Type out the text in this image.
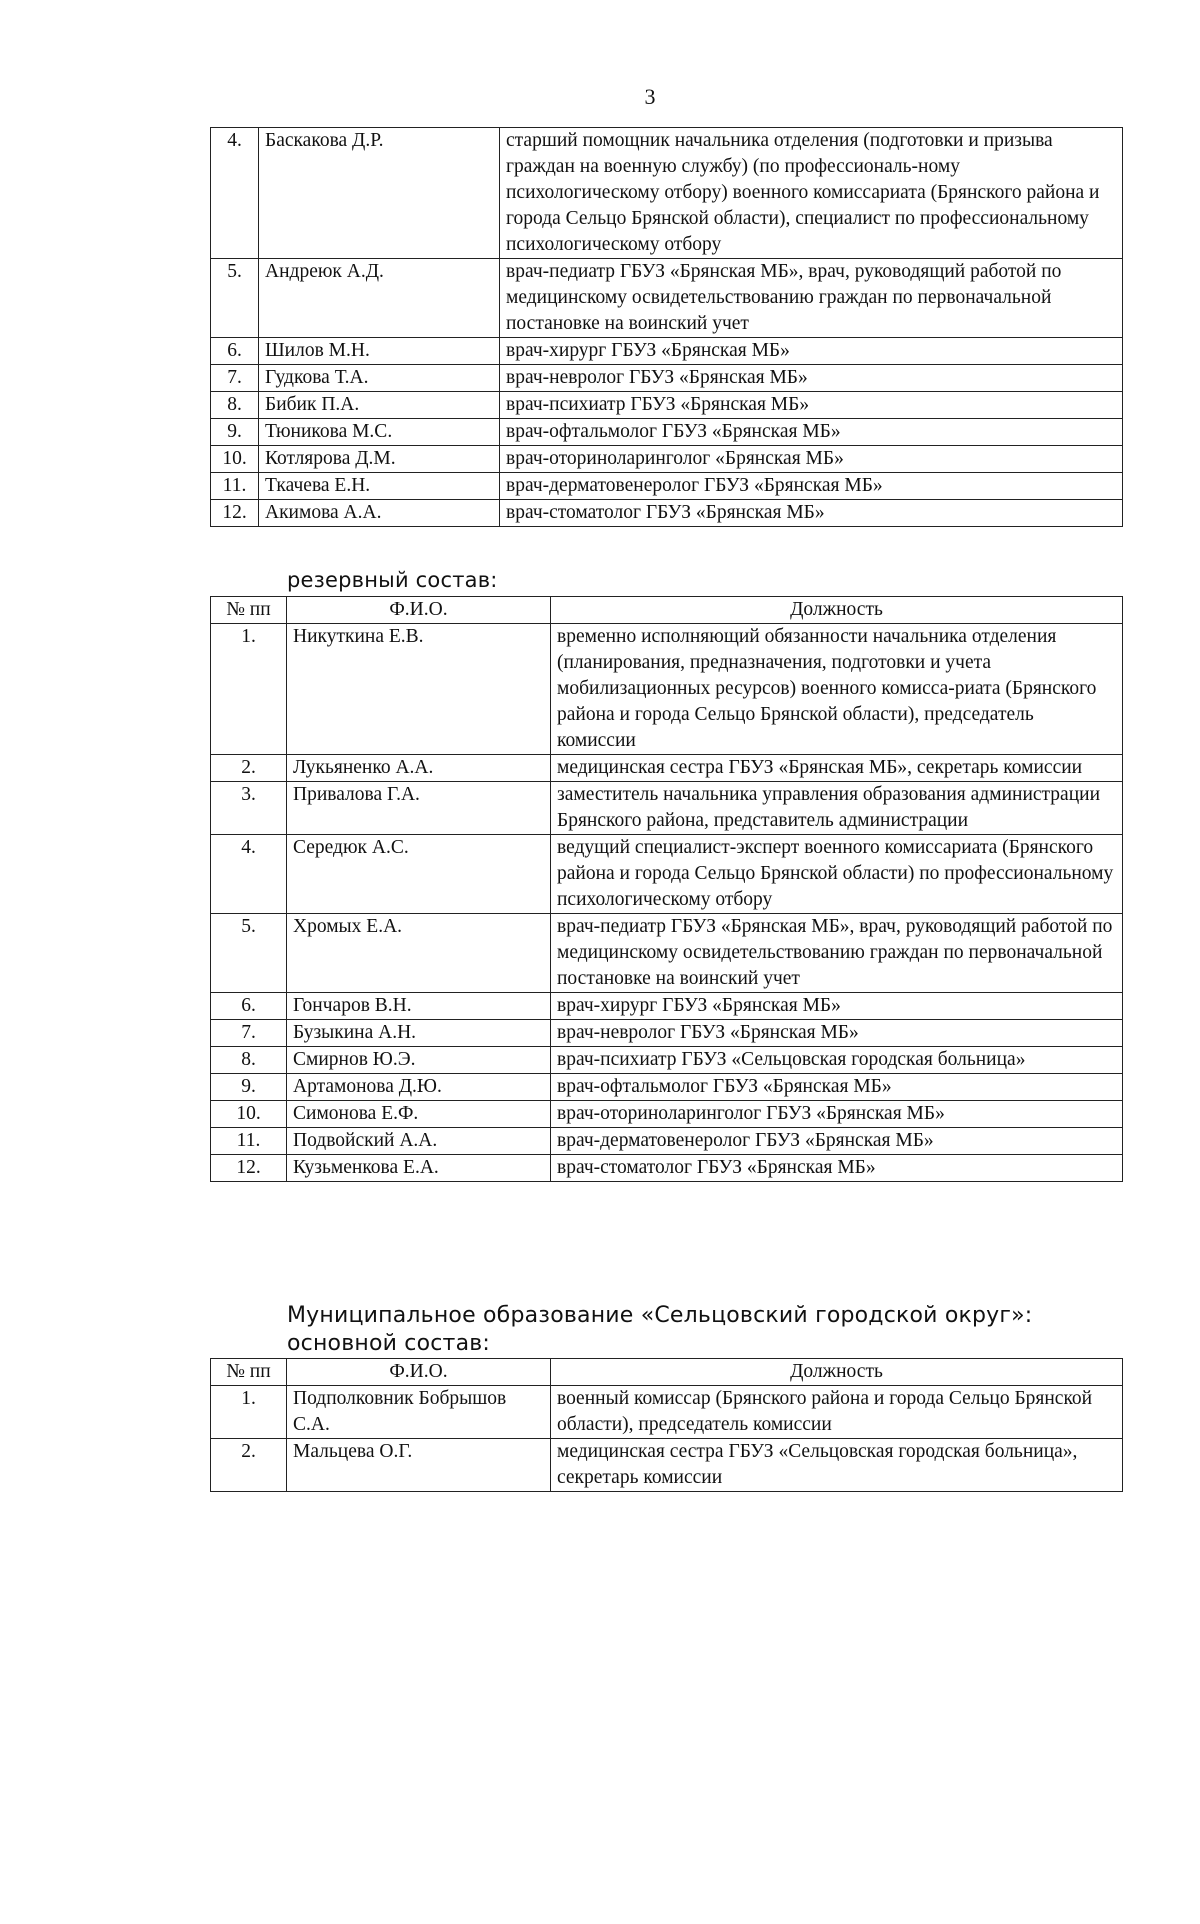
3
4.	Баскакова Д.Р.	старший помощник начальника отделения (подготовки и призыва граждан на военную службу) (по профессиональ-ному психологическому отбору) военного комиссариата (Брянского района и города Сельцо Брянской области), специалист по профессиональному психологическому отбору
5.	Андреюк А.Д.	врач-педиатр ГБУЗ «Брянская МБ», врач, руководящий работой по медицинскому освидетельствованию граждан по первоначальной постановке на воинский учет
6.	Шилов М.Н.	врач-хирург ГБУЗ «Брянская МБ»
7.	Гудкова Т.А.	врач-невролог ГБУЗ «Брянская МБ»
8.	Бибик П.А.	врач-психиатр ГБУЗ «Брянская МБ»
9.	Тюникова М.С.	врач-офтальмолог ГБУЗ «Брянская МБ»
10.	Котлярова Д.М.	врач-оториноларинголог «Брянская МБ»
11.	Ткачева Е.Н.	врач-дерматовенеролог ГБУЗ «Брянская МБ»
12.	Акимова А.А.	врач-стоматолог ГБУЗ «Брянская МБ»
резервный состав:
№ пп	Ф.И.О.	Должность
1.	Никуткина Е.В.	временно исполняющий обязанности начальника отделения (планирования, предназначения, подготовки и учета мобилизационных ресурсов) военного комисса-риата (Брянского района и города Сельцо Брянской области), председатель комиссии
2.	Лукьяненко А.А.	медицинская сестра ГБУЗ «Брянская МБ», секретарь комиссии
3.	Привалова Г.А.	заместитель начальника управления образования администрации Брянского района, представитель администрации
4.	Середюк А.С.	ведущий специалист-эксперт военного комиссариата (Брянского района и города Сельцо Брянской области) по профессиональному психологическому отбору
5.	Хромых Е.А.	врач-педиатр ГБУЗ «Брянская МБ», врач, руководящий работой по медицинскому освидетельствованию граждан по первоначальной постановке на воинский учет
6.	Гончаров В.Н.	врач-хирург ГБУЗ «Брянская МБ»
7.	Бузыкина А.Н.	врач-невролог ГБУЗ «Брянская МБ»
8.	Смирнов Ю.Э.	врач-психиатр ГБУЗ «Сельцовская городская больница»
9.	Артамонова Д.Ю.	врач-офтальмолог ГБУЗ «Брянская МБ»
10.	Симонова Е.Ф.	врач-оториноларинголог ГБУЗ «Брянская МБ»
11.	Подвойский А.А.	врач-дерматовенеролог ГБУЗ «Брянская МБ»
12.	Кузьменкова Е.А.	врач-стоматолог ГБУЗ «Брянская МБ»
Муниципальное образование «Сельцовский городской округ»:
основной состав:
№ пп	Ф.И.О.	Должность
1.	Подполковник Бобрышов С.А.	военный комиссар (Брянского района и города Сельцо Брянской области), председатель комиссии
2.	Мальцева О.Г.	медицинская сестра ГБУЗ «Сельцовская городская больница», секретарь комиссии
